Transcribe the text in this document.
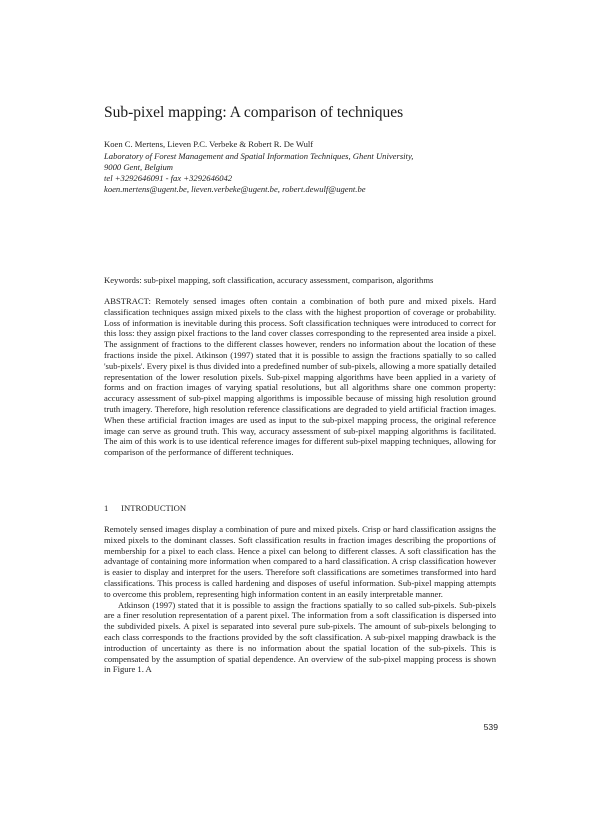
Sub-pixel mapping: A comparison of techniques
Koen C. Mertens, Lieven P.C. Verbeke & Robert R. De Wulf
Laboratory of Forest Management and Spatial Information Techniques, Ghent University,
9000 Gent, Belgium
tel +3292646091 - fax +3292646042
koen.mertens@ugent.be, lieven.verbeke@ugent.be, robert.dewulf@ugent.be
Keywords: sub-pixel mapping, soft classification, accuracy assessment, comparison, algorithms
ABSTRACT: Remotely sensed images often contain a combination of both pure and mixed pixels. Hard classification techniques assign mixed pixels to the class with the highest proportion of coverage or probability. Loss of information is inevitable during this process. Soft classification techniques were introduced to correct for this loss: they assign pixel fractions to the land cover classes corresponding to the represented area inside a pixel. The assignment of fractions to the different classes however, renders no information about the location of these fractions inside the pixel. Atkinson (1997) stated that it is possible to assign the fractions spatially to so called 'sub-pixels'. Every pixel is thus divided into a predefined number of sub-pixels, allowing a more spatially detailed representation of the lower resolution pixels. Sub-pixel mapping algorithms have been applied in a variety of forms and on fraction images of varying spatial resolutions, but all algorithms share one common property: accuracy assessment of sub-pixel mapping algorithms is impossible because of missing high resolution ground truth imagery. Therefore, high resolution reference classifications are degraded to yield artificial fraction images. When these artificial fraction images are used as input to the sub-pixel mapping process, the original reference image can serve as ground truth. This way, accuracy assessment of sub-pixel mapping algorithms is facilitated. The aim of this work is to use identical reference images for different sub-pixel mapping techniques, allowing for comparison of the performance of different techniques.
1 INTRODUCTION

Remotely sensed images display a combination of pure and mixed pixels. Crisp or hard classification assigns the mixed pixels to the dominant classes. Soft classification results in fraction images describing the proportions of membership for a pixel to each class. Hence a pixel can belong to different classes. A soft classification has the advantage of containing more information when compared to a hard classification. A crisp classification however is easier to display and interpret for the users. Therefore soft classifications are sometimes transformed into hard classifications. This process is called hardening and disposes of useful information. Sub-pixel mapping attempts to overcome this problem, representing high information content in an easily interpretable manner.

Atkinson (1997) stated that it is possible to assign the fractions spatially to so called sub-pixels. Sub-pixels are a finer resolution representation of a parent pixel. The information from a soft classification is dispersed into the subdivided pixels. A pixel is separated into several pure sub-pixels. The amount of sub-pixels belonging to each class corresponds to the fractions provided by the soft classification. A sub-pixel mapping drawback is the introduction of uncertainty as there is no information about the spatial location of the sub-pixels. This is compensated by the assumption of spatial dependence. An overview of the sub-pixel mapping process is shown in Figure 1. A

539
